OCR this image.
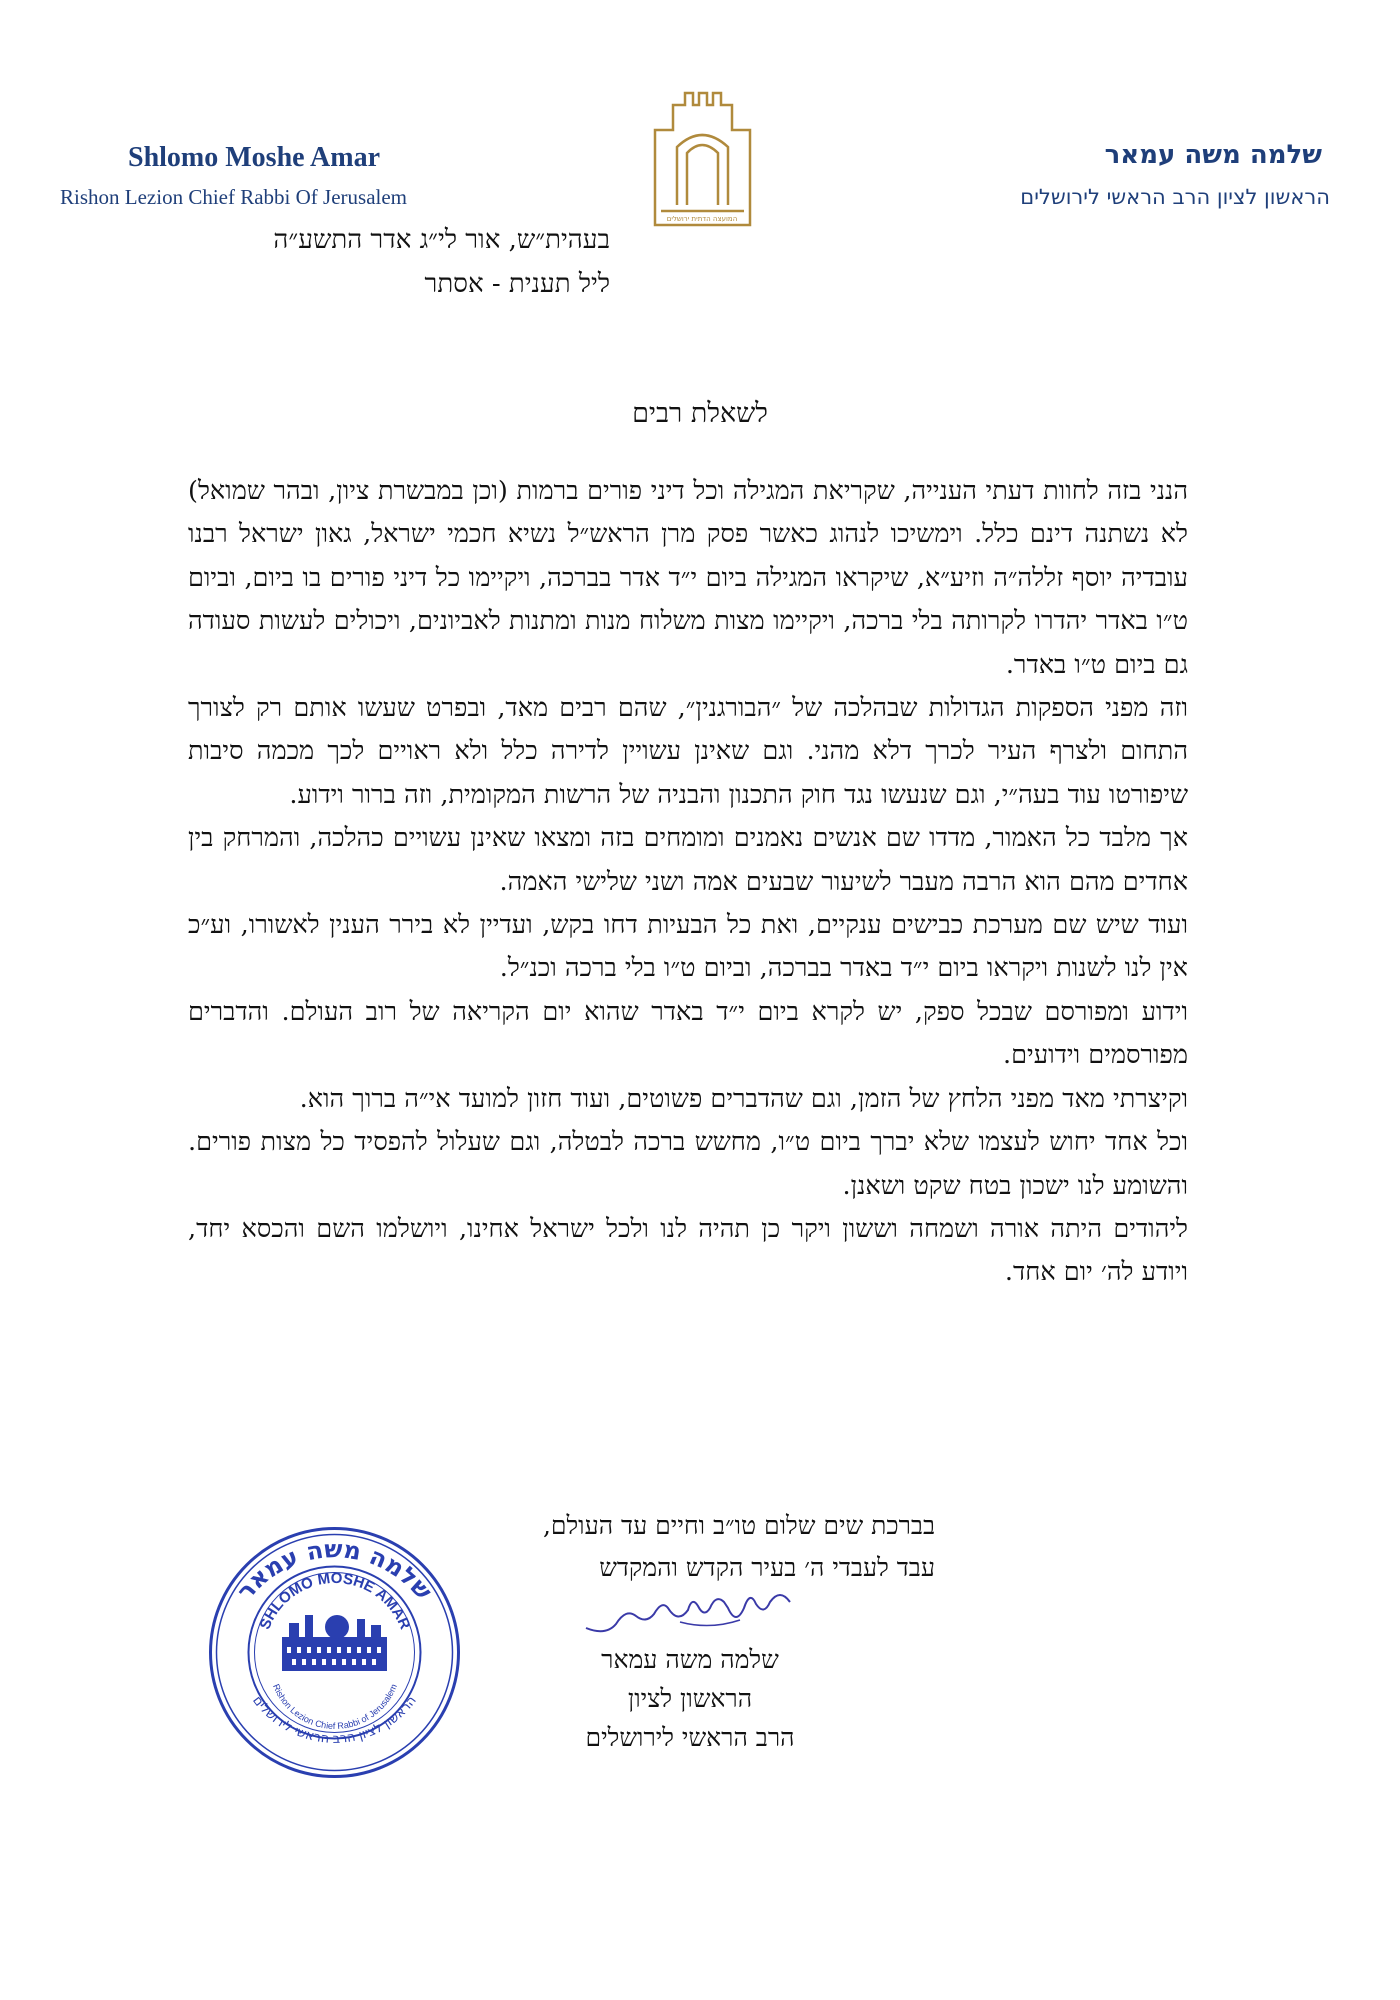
Shlomo Moshe Amar
Rishon Lezion Chief Rabbi Of Jerusalem
שלמה משה עמאר
הראשון לציון הרב הראשי לירושלים
המועצה הדתית ירושלים
בעהית״ש, אור לי״ג אדר התשע״ה
ליל תענית - אסתר
לשאלת רבים

הנני בזה לחוות דעתי הענייה, שקריאת המגילה וכל דיני פורים ברמות (וכן במבשרת ציון, ובהר שמואל) לא נשתנה דינם כלל. וימשיכו לנהוג כאשר פסק מרן הראש״ל נשיא חכמי ישראל, גאון ישראל רבנו עובדיה יוסף זללה״ה וזיע״א, שיקראו המגילה ביום י״ד אדר בברכה, ויקיימו כל דיני פורים בו ביום, וביום ט״ו באדר יהדרו לקרותה בלי ברכה, ויקיימו מצות משלוח מנות ומתנות לאביונים, ויכולים לעשות סעודה גם ביום ט״ו באדר.

וזה מפני הספקות הגדולות שבהלכה של ״הבורגנין״, שהם רבים מאד, ובפרט שעשו אותם רק לצורך התחום ולצרף העיר לכרך דלא מהני. וגם שאינן עשויין לדירה כלל ולא ראויים לכך מכמה סיבות שיפורטו עוד בעה״י, וגם שנעשו נגד חוק התכנון והבניה של הרשות המקומית, וזה ברור וידוע.

אך מלבד כל האמור, מדדו שם אנשים נאמנים ומומחים בזה ומצאו שאינן עשויים כהלכה, והמרחק בין אחדים מהם הוא הרבה מעבר לשיעור שבעים אמה ושני שלישי האמה.

ועוד שיש שם מערכת כבישים ענקיים, ואת כל הבעיות דחו בקש, ועדיין לא בירר הענין לאשורו, וע״כ אין לנו לשנות ויקראו ביום י״ד באדר בברכה, וביום ט״ו בלי ברכה וכנ״ל.

וידוע ומפורסם שבכל ספק, יש לקרא ביום י״ד באדר שהוא יום הקריאה של רוב העולם. והדברים מפורסמים וידועים.

וקיצרתי מאד מפני הלחץ של הזמן, וגם שהדברים פשוטים, ועוד חזון למועד אי״ה ברוך הוא.

וכל אחד יחוש לעצמו שלא יברך ביום ט״ו, מחשש ברכה לבטלה, וגם שעלול להפסיד כל מצות פורים. והשומע לנו ישכון בטח שקט ושאנן.

ליהודים היתה אורה ושמחה וששון ויקר כן תהיה לנו ולכל ישראל אחינו, ויושלמו השם והכסא יחד, ויודע לה׳ יום אחד.

בברכת שים שלום טו״ב וחיים עד העולם,
עבד לעבדי ה׳ בעיר הקדש והמקדש
שלמה משה עמאר
הראשון לציון
הרב הראשי לירושלים
שלמה משה עמאר
הראשון לציון הרב הראשי לירושלים
SHLOMO MOSHE AMAR
Rishon Lezion Chief Rabbi of Jerusalem
